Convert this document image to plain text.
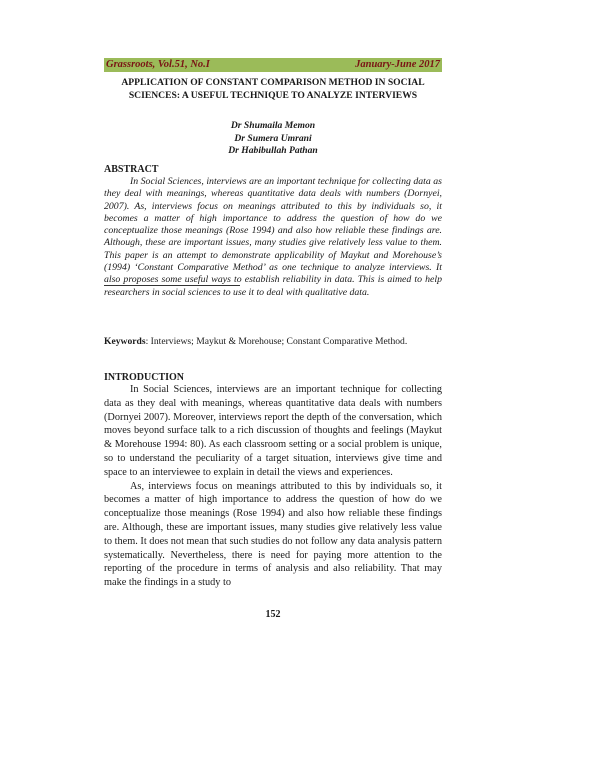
Grassroots, Vol.51, No.I	January-June 2017
APPLICATION OF CONSTANT COMPARISON METHOD IN SOCIAL
SCIENCES: A USEFUL TECHNIQUE TO ANALYZE INTERVIEWS
Dr Shumaila Memon
Dr Sumera Umrani
Dr Habibullah Pathan
ABSTRACT
In Social Sciences, interviews are an important technique for collecting data as they deal with meanings, whereas quantitative data deals with numbers (Dornyei, 2007). As, interviews focus on meanings attributed to this by individuals so, it becomes a matter of high importance to address the question of how do we conceptualize those meanings (Rose 1994) and also how reliable these findings are. Although, these are important issues, many studies give relatively less value to them. This paper is an attempt to demonstrate applicability of Maykut and Morehouse’s (1994) ‘Constant Comparative Method’ as one technique to analyze interviews. It also proposes some useful ways to establish reliability in data. This is aimed to help researchers in social sciences to use it to deal with qualitative data.
Keywords: Interviews; Maykut & Morehouse; Constant Comparative Method.
INTRODUCTION

In Social Sciences, interviews are an important technique for collecting data as they deal with meanings, whereas quantitative data deals with numbers (Dornyei 2007). Moreover, interviews report the depth of the conversation, which moves beyond surface talk to a rich discussion of thoughts and feelings (Maykut & Morehouse 1994: 80). As each classroom setting or a social problem is unique, so to understand the peculiarity of a target situation, interviews give time and space to an interviewee to explain in detail the views and experiences.

As, interviews focus on meanings attributed to this by individuals so, it becomes a matter of high importance to address the question of how do we conceptualize those meanings (Rose 1994) and also how reliable these findings are. Although, these are important issues, many studies give relatively less value to them. It does not mean that such studies do not follow any data analysis pattern systematically. Nevertheless, there is need for paying more attention to the reporting of the procedure in terms of analysis and also reliability. That may make the findings in a study to

152
